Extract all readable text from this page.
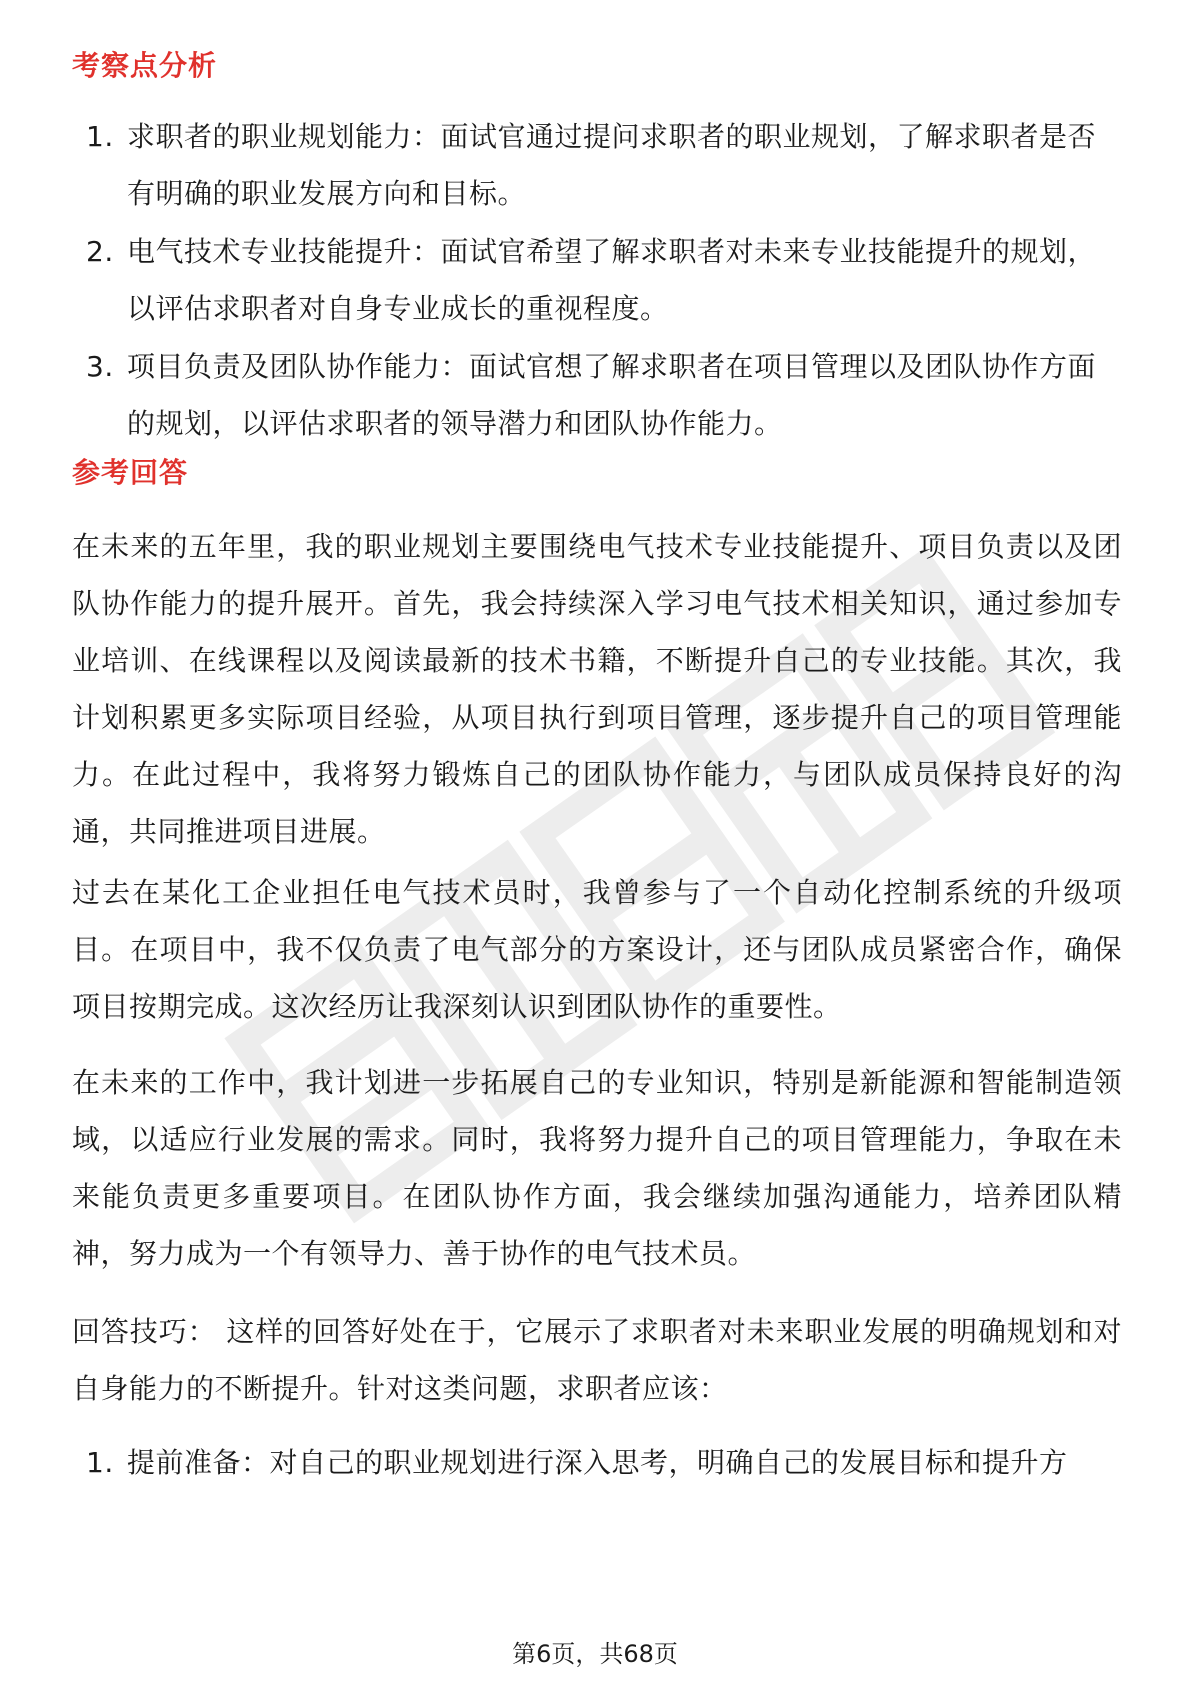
考察点分析
1. 求职者的职业规划能力：面试官通过提问求职者的职业规划，了解求职者是否有明确的职业发展方向和目标。
2. 电气技术专业技能提升：面试官希望了解求职者对未来专业技能提升的规划，以评估求职者对自身专业成长的重视程度。
3. 项目负责及团队协作能力：面试官想了解求职者在项目管理以及团队协作方面的规划，以评估求职者的领导潜力和团队协作能力。
参考回答

在未来的五年里，我的职业规划主要围绕电气技术专业技能提升、项目负责以及团队协作能力的提升展开。首先，我会持续深入学习电气技术相关知识，通过参加专业培训、在线课程以及阅读最新的技术书籍，不断提升自己的专业技能。其次，我计划积累更多实际项目经验，从项目执行到项目管理，逐步提升自己的项目管理能力。在此过程中，我将努力锻炼自己的团队协作能力，与团队成员保持良好的沟通，共同推进项目进展。

过去在某化工企业担任电气技术员时，我曾参与了一个自动化控制系统的升级项目。在项目中，我不仅负责了电气部分的方案设计，还与团队成员紧密合作，确保项目按期完成。这次经历让我深刻认识到团队协作的重要性。

在未来的工作中，我计划进一步拓展自己的专业知识，特别是新能源和智能制造领域，以适应行业发展的需求。同时，我将努力提升自己的项目管理能力，争取在未来能负责更多重要项目。在团队协作方面，我会继续加强沟通能力，培养团队精神，努力成为一个有领导力、善于协作的电气技术员。

回答技巧： 这样的回答好处在于，它展示了求职者对未来职业发展的明确规划和对自身能力的不断提升。针对这类问题，求职者应该：

1. 提前准备：对自己的职业规划进行深入思考，明确自己的发展目标和提升方
第6页，共68页
